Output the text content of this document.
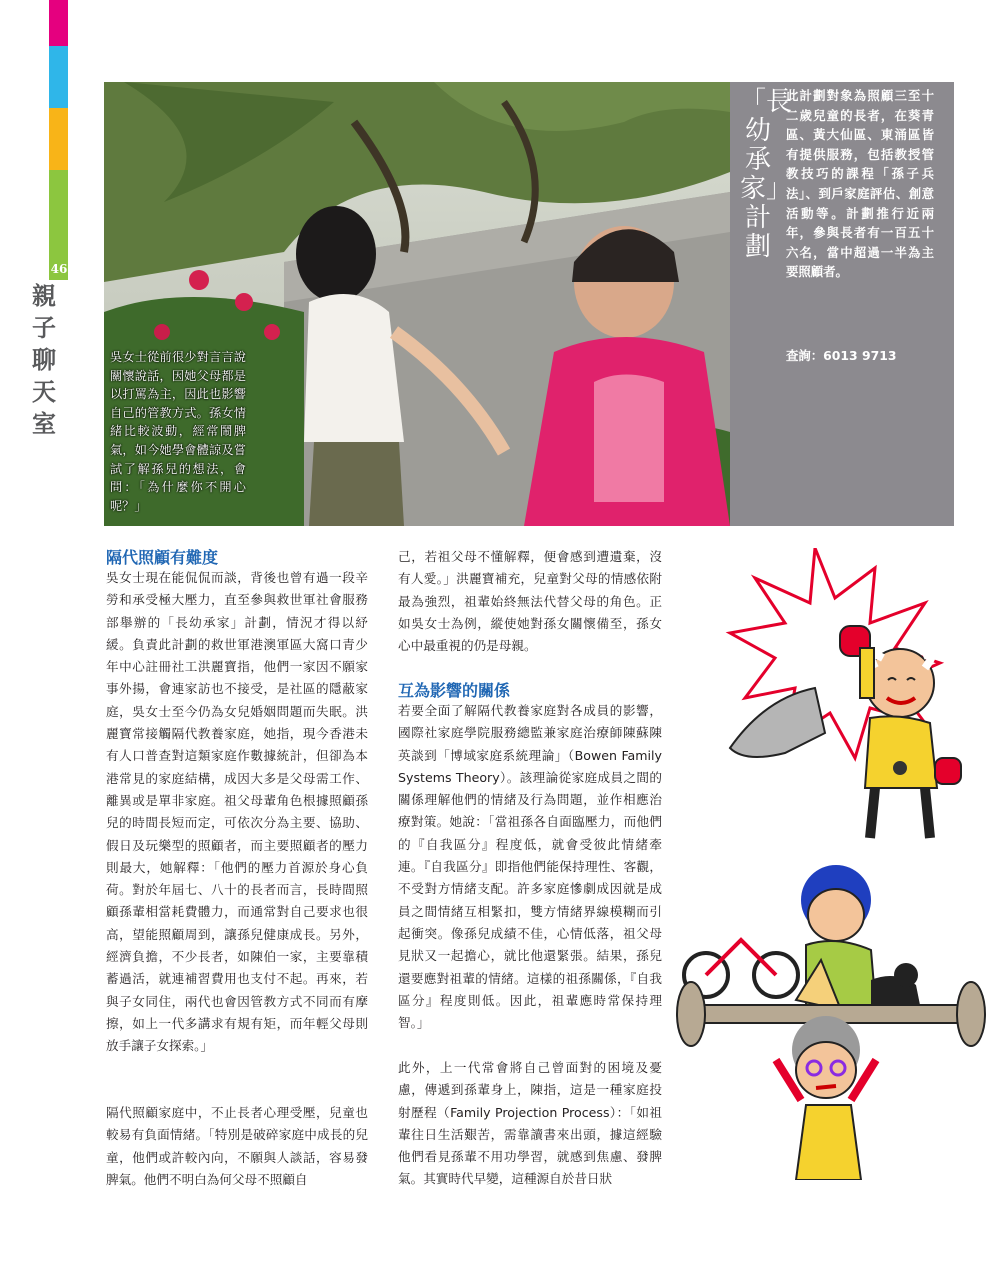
46
親子聊天室
吳女士從前很少對言言說關懷說話，因她父母都是以打罵為主，因此也影響自己的管教方式。孫女情緒比較波動，經常鬧脾氣，如今她學會體諒及嘗試了解孫兒的想法，會問：「為什麼你不開心呢？」
「長幼承家」計劃
此計劃對象為照顧三至十二歲兒童的長者，在葵青區、黃大仙區、東涌區皆有提供服務，包括教授管教技巧的課程「孫子兵法」、到戶家庭評估、創意活動等。計劃推行近兩年，參與長者有一百五十六名，當中超過一半為主要照顧者。
查詢：6013 9713
隔代照顧有難度
吳女士現在能侃侃而談，背後也曾有過一段辛勞和承受極大壓力，直至參與救世軍社會服務部舉辦的「長幼承家」計劃，情況才得以紓緩。負責此計劃的救世軍港澳軍區大窩口青少年中心註冊社工洪麗寶指，他們一家因不願家事外揚，會連家訪也不接受，是社區的隱蔽家庭，吳女士至今仍為女兒婚姻問題而失眠。洪麗寶常接觸隔代教養家庭，她指，現今香港未有人口普查對這類家庭作數據統計，但卻為本港常見的家庭結構，成因大多是父母需工作、離異或是單非家庭。祖父母輩角色根據照顧孫兒的時間長短而定，可依次分為主要、協助、假日及玩樂型的照顧者，而主要照顧者的壓力則最大，她解釋：「他們的壓力首源於身心負荷。對於年屆七、八十的長者而言，長時間照顧孫輩相當耗費體力，而通常對自己要求也很高，望能照顧周到，讓孫兒健康成長。另外，經濟負擔，不少長者，如陳伯一家，主要靠積蓄過活，就連補習費用也支付不起。再來，若與子女同住，兩代也會因管教方式不同而有摩擦，如上一代多講求有規有矩，而年輕父母則放手讓子女探索。」
隔代照顧家庭中，不止長者心理受壓，兒童也較易有負面情緒。「特別是破碎家庭中成長的兒童，他們或許較內向，不願與人談話，容易發脾氣。他們不明白為何父母不照顧自
己，若祖父母不懂解釋，便會感到遭遺棄，沒有人愛。」洪麗寶補充，兒童對父母的情感依附最為強烈，祖輩始終無法代替父母的角色。正如吳女士為例，縱使她對孫女關懷備至，孫女心中最重視的仍是母親。
互為影響的關係
若要全面了解隔代教養家庭對各成員的影響，國際社家庭學院服務總監兼家庭治療師陳蘇陳英談到「博域家庭系統理論」（Bowen Family Systems Theory）。該理論從家庭成員之間的關係理解他們的情緒及行為問題，並作相應治療對策。她說：「當祖孫各自面臨壓力，而他們的『自我區分』程度低，就會受彼此情緒牽連。『自我區分』即指他們能保持理性、客觀，不受對方情緒支配。許多家庭慘劇成因就是成員之間情緒互相緊扣，雙方情緒界線模糊而引起衝突。像孫兒成績不佳，心情低落，祖父母見狀又一起擔心，就比他還緊張。結果，孫兒還要應對祖輩的情緒。這樣的祖孫關係，『自我區分』程度則低。因此，祖輩應時常保持理智。」
此外，上一代常會將自己曾面對的困境及憂慮，傳遞到孫輩身上，陳指，這是一種家庭投射歷程（Family Projection Process）：「如祖輩往日生活艱苦，需靠讀書來出頭，據這經驗他們看見孫輩不用功學習，就感到焦慮、發脾氣。其實時代早變，這種源自於昔日狀
